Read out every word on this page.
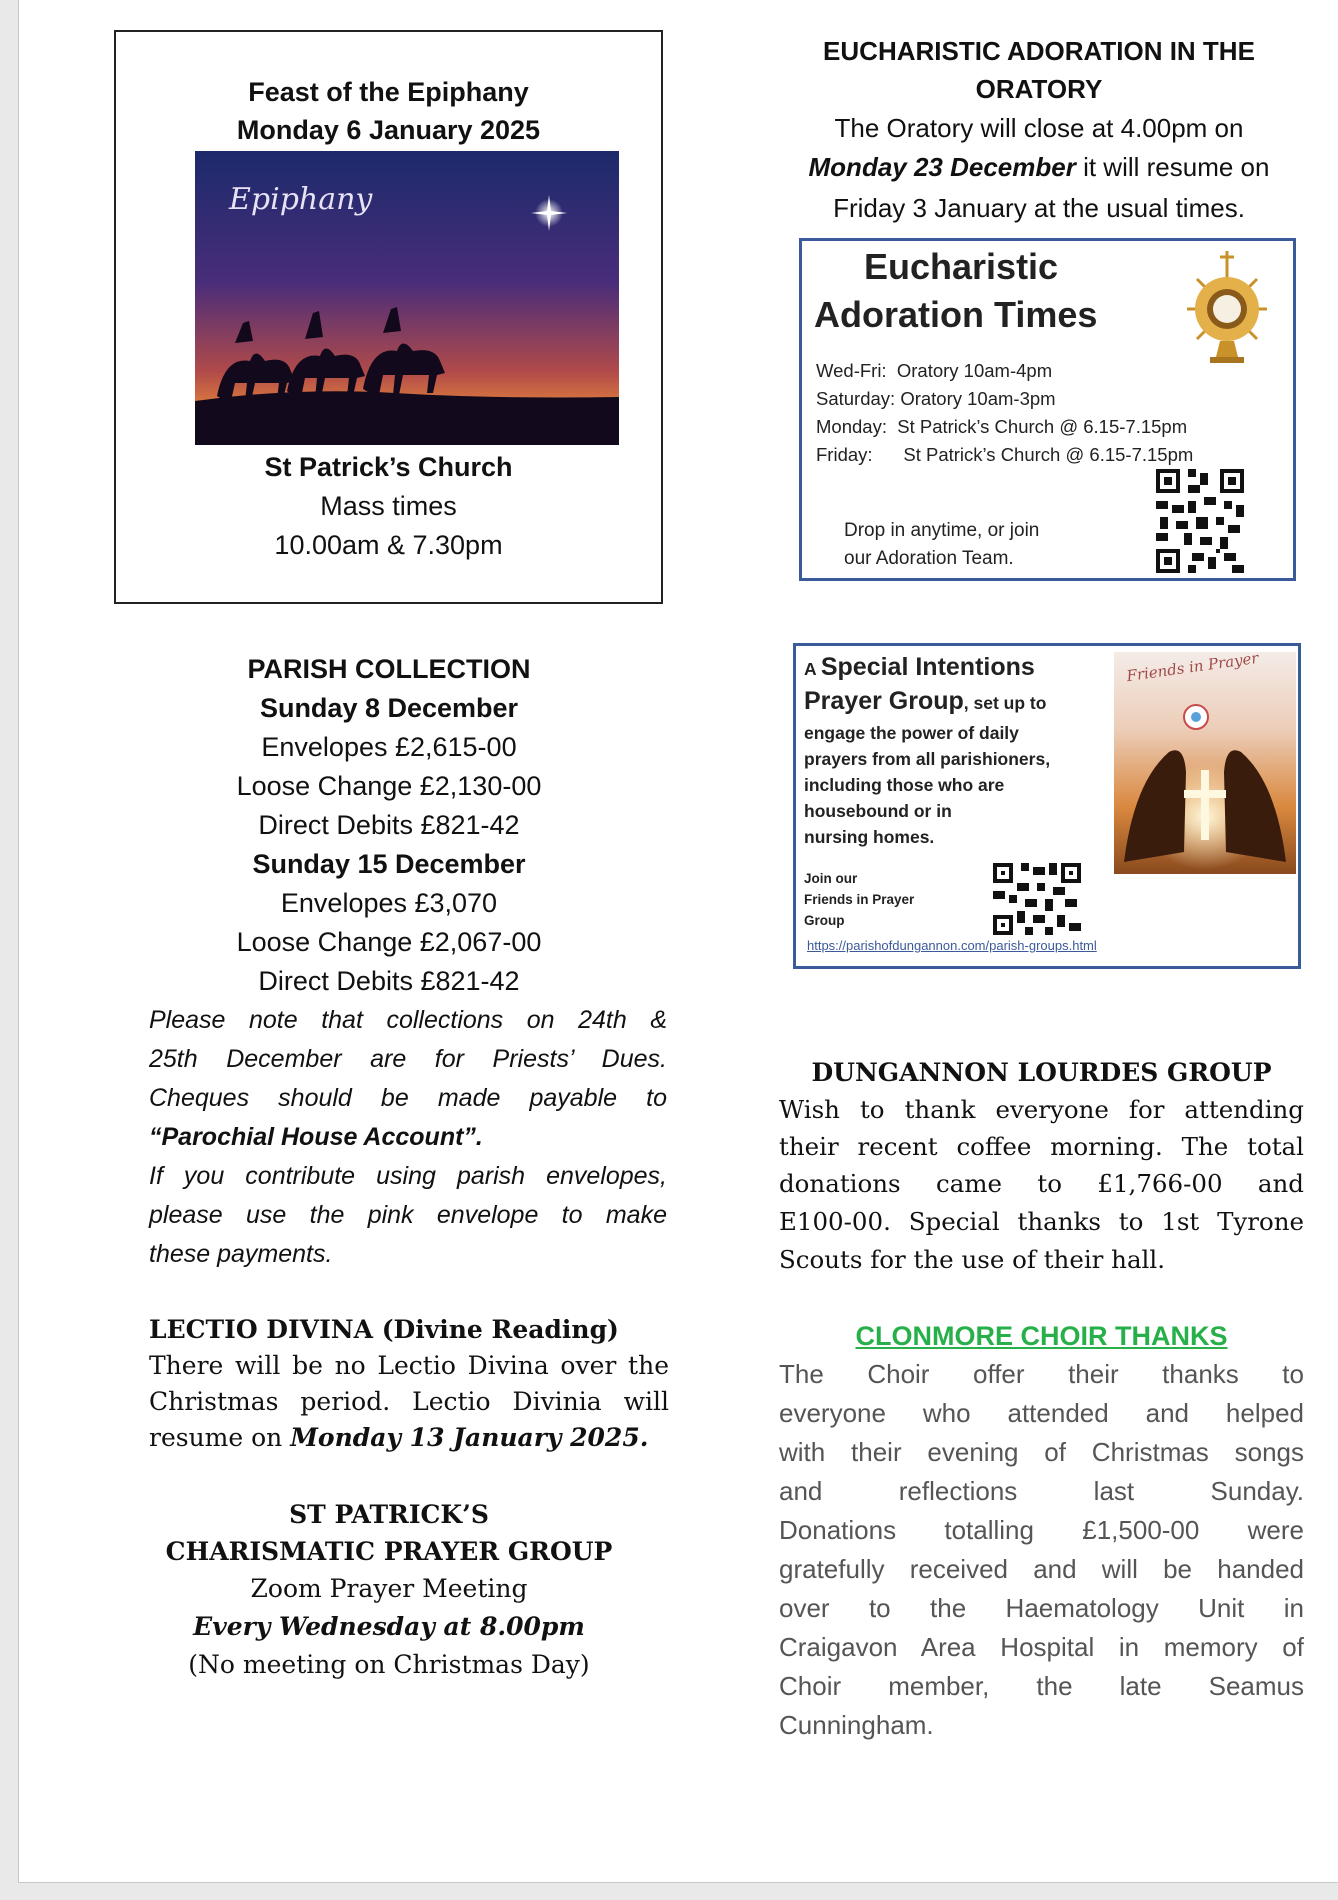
Feast of the Epiphany
Monday 6 January 2025
Epiphany
St Patrick’s Church
Mass times
10.00am & 7.30pm
PARISH COLLECTION
Sunday 8 December
Envelopes £2,615-00
Loose Change £2,130-00
Direct Debits £821-42
Sunday 15 December
Envelopes £3,070
Loose Change £2,067-00
Direct Debits £821-42
Please note that collections on 24th &
25th December are for Priests’ Dues.
Cheques should be made payable to
“Parochial House Account”.
If you contribute using parish envelopes,
please use the pink envelope to make
these payments.
LECTIO DIVINA (Divine Reading)
There will be no Lectio Divina over the
Christmas period. Lectio Divinia will
resume on Monday 13 January 2025.
ST PATRICK’S
CHARISMATIC PRAYER GROUP
Zoom Prayer Meeting
Every Wednesday at 8.00pm
(No meeting on Christmas Day)
EUCHARISTIC ADORATION IN THE
ORATORY
The Oratory will close at 4.00pm on
Monday 23 December it will resume on
Friday 3 January at the usual times.
Eucharistic
Adoration Times
Wed-Fri:  Oratory 10am-4pm
Saturday: Oratory 10am-3pm
Monday:  St Patrick’s Church @ 6.15-7.15pm
Friday:      St Patrick’s Church @ 6.15-7.15pm
Drop in anytime, or join
our Adoration Team.
A Special Intentions
Prayer Group, set up to
engage the power of daily
prayers from all parishioners,
including those who are
housebound or in
nursing homes.
Join our
Friends in Prayer
Group
Friends in Prayer
https://parishofdungannon.com/parish-groups.html
DUNGANNON LOURDES GROUP
Wish to thank everyone for attending
their recent coffee morning. The total
donations came to £1,766-00 and
E100-00. Special thanks to 1st Tyrone
Scouts for the use of their hall.
CLONMORE CHOIR THANKS
The Choir offer their thanks to
everyone who attended and helped
with their evening of Christmas songs
and reflections last Sunday.
Donations totalling £1,500-00 were
gratefully received and will be handed
over to the Haematology Unit in
Craigavon Area Hospital in memory of
Choir member, the late Seamus
Cunningham.
